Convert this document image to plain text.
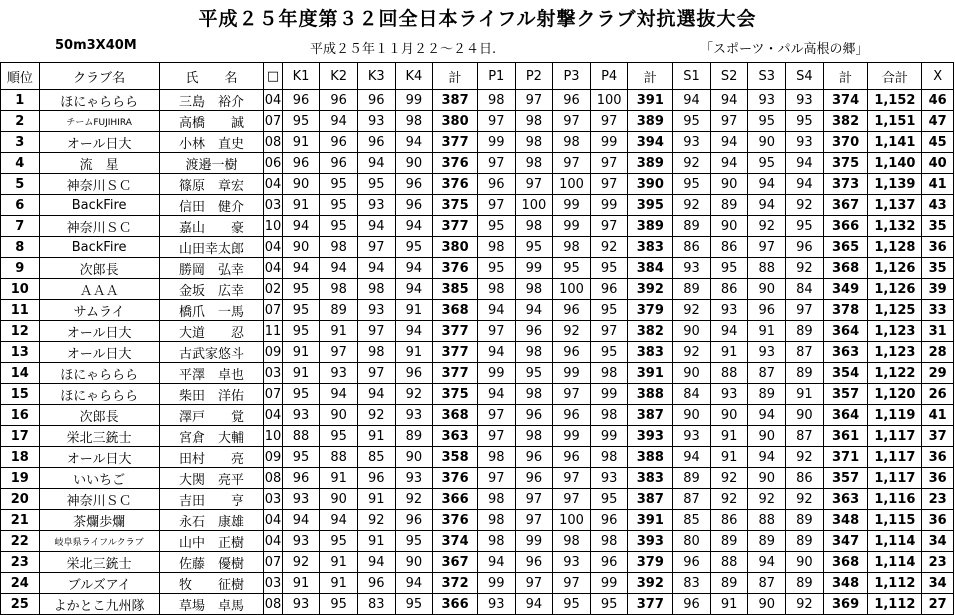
平成２５年度第３２回全日本ライフル射撃クラブ対抗選抜大会
50m3X40M	平成２５年１１月２２～２４日.	「スポーツ・パル高根の郷」
順位	クラブ名	氏　　名	□	K1	K2	K3	K4	計	P1	P2	P3	P4	計	S1	S2	S3	S4	計	合計	X
1	ほにゃららら	三島　裕介	04	96	96	96	99	387	98	97	96	100	391	94	94	93	93	374	1,152	46
2	チームFUJIHIRA	高橋　　誠	07	95	94	93	98	380	97	98	97	97	389	95	97	95	95	382	1,151	47
3	オール日大	小林　直史	08	91	96	96	94	377	99	98	98	99	394	93	94	90	93	370	1,141	45
4	流　星	渡邉一樹	06	96	96	94	90	376	97	98	97	97	389	92	94	95	94	375	1,140	40
5	神奈川ＳＣ	篠原　章宏	04	90	95	95	96	376	96	97	100	97	390	95	90	94	94	373	1,139	41
6	BackFire	信田　健介	03	91	95	93	96	375	97	100	99	99	395	92	89	94	92	367	1,137	43
7	神奈川ＳＣ	嘉山　　豪	10	94	95	94	94	377	95	98	99	97	389	89	90	92	95	366	1,132	35
8	BackFire	山田幸太郎	04	90	98	97	95	380	98	95	98	92	383	86	86	97	96	365	1,128	36
9	次郎長	勝岡　弘幸	04	94	94	94	94	376	95	99	95	95	384	93	95	88	92	368	1,126	35
10	ＡＡＡ	金坂　広幸	02	95	98	98	94	385	98	98	100	96	392	89	86	90	84	349	1,126	39
11	サムライ	橋爪　一馬	07	95	89	93	91	368	94	94	96	95	379	92	93	96	97	378	1,125	33
12	オール日大	大道　　忍	11	95	91	97	94	377	97	96	92	97	382	90	94	91	89	364	1,123	31
13	オール日大	古武家悠斗	09	91	97	98	91	377	94	98	96	95	383	92	91	93	87	363	1,123	28
14	ほにゃららら	平澤　卓也	03	91	93	97	96	377	99	95	99	98	391	90	88	87	89	354	1,122	29
15	ほにゃららら	柴田　洋佑	07	95	94	94	92	375	94	98	97	99	388	84	93	89	91	357	1,120	26
16	次郎長	澤戸　　覚	04	93	90	92	93	368	97	96	96	98	387	90	90	94	90	364	1,119	41
17	栄北三銃士	宮倉　大輔	10	88	95	91	89	363	97	98	99	99	393	93	91	90	87	361	1,117	37
18	オール日大	田村　　亮	09	95	88	85	90	358	98	96	96	98	388	94	91	94	92	371	1,117	36
19	いいちご	大関　亮平	08	96	91	96	93	376	97	96	97	93	383	89	92	90	86	357	1,117	36
20	神奈川ＳＣ	吉田　　亨	03	93	90	91	92	366	98	97	97	95	387	87	92	92	92	363	1,116	23
21	茶爛歩爛	永石　康雄	04	94	94	92	96	376	98	97	100	96	391	85	86	88	89	348	1,115	36
22	岐阜県ライフルクラブ	山中　正樹	04	93	95	91	95	374	98	99	98	98	393	80	89	89	89	347	1,114	34
23	栄北三銃士	佐藤　優樹	07	92	91	94	90	367	94	96	93	96	379	96	88	94	90	368	1,114	23
24	ブルズアイ	牧　　征樹	03	91	91	96	94	372	99	97	97	99	392	83	89	87	89	348	1,112	34
25	よかとこ九州隊	草場　卓馬	08	93	95	83	95	366	93	94	95	95	377	96	91	90	92	369	1,112	27
